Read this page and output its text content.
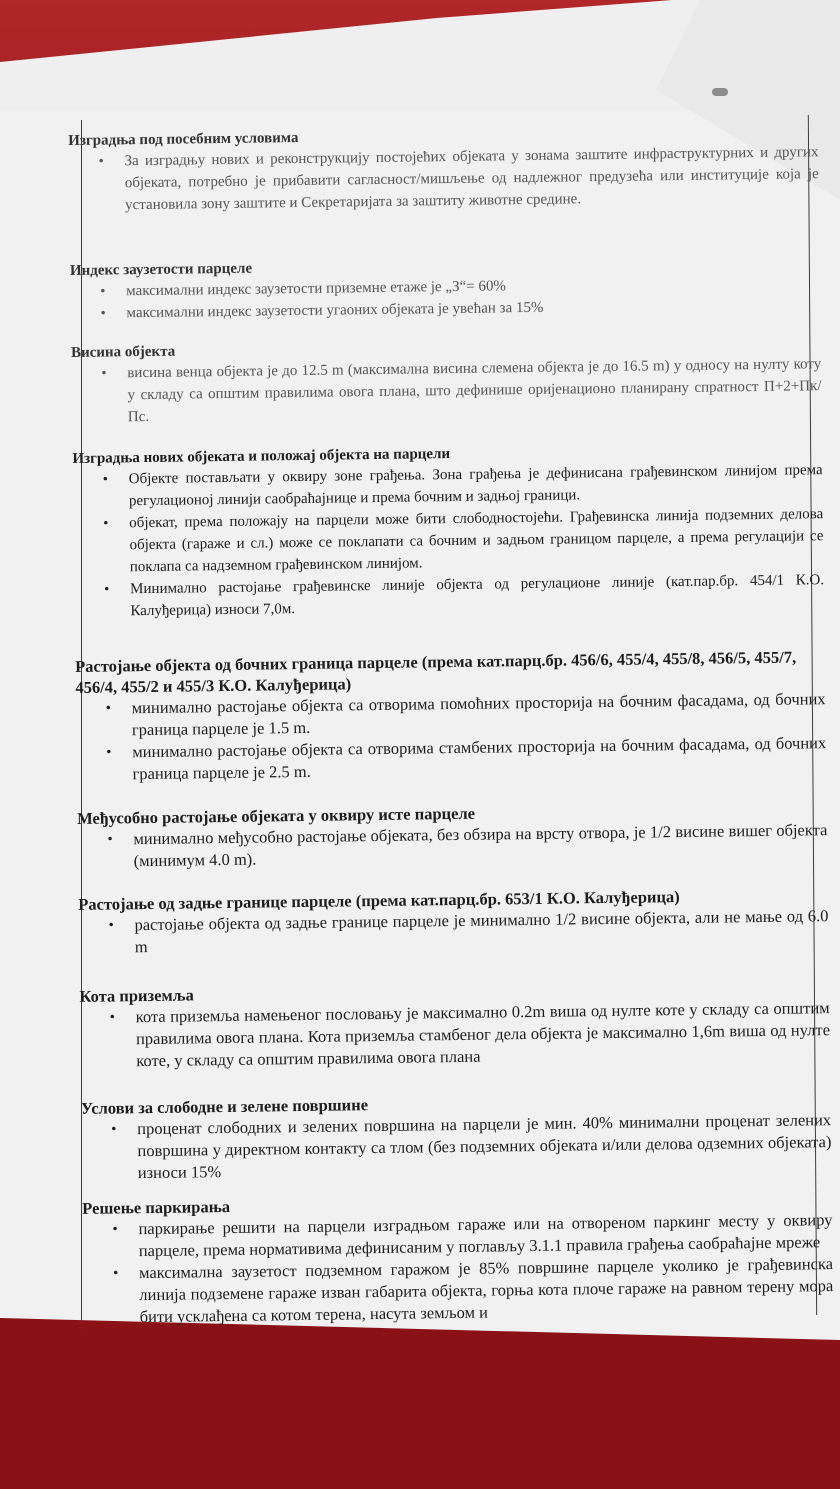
Изградња под посебним условима

• За изградњу нових и реконструкцију постојећих објеката у зонама заштите инфраструктурних и других објеката, потребно је прибавити сагласност/мишљење од надлежног предузећа или институције која је установила зону заштите и Секретаријата за заштиту животне средине.

Индекс заузетости парцеле

• максимални индекс заузетости приземне етаже је „З“= 60%
• максимални индекс заузетости угаоних објеката је увећан за 15%

Висина објекта

• висина венца објекта је до 12.5 m (максимална висина слемена објекта је до 16.5 m) у односу на нулту коту у складу са општим правилима овога плана, што дефинише оријенационо планирану спратност П+2+Пк/Пс.

Изградња нових објеката и положај објекта на парцели

• Објекте постављати у оквиру зоне грађења. Зона грађења је дефинисана грађевинском линијом према регулационој линији саобраћајнице и према бочним и задњој граници.
• објекат, према положају на парцели може бити слободностојећи. Грађевинска линија подземних делова објекта (гараже и сл.) може се поклапати са бочним и задњом границом парцеле, а према регулацији се поклапа са надземном грађевинском линијом.
• Минимално растојање грађевинске линије објекта од регулационе линије (кат.пар.бр. 454/1 К.О. Калуђерица) износи 7,0м.

Растојање објекта од бочних граница парцеле (према кат.парц.бр. 456/6, 455/4, 455/8, 456/5, 455/7, 456/4, 455/2 и 455/3 К.О. Калуђерица)

• минимално растојање објекта са отворима помоћних просторија на бочним фасадама, од бочних граница парцеле је 1.5 m.
• минимално растојање објекта са отворима стамбених просторија на бочним фасадама, од бочних граница парцеле је 2.5 m.

Међусобно растојање објеката у оквиру исте парцеле

• минимално међусобно растојање објеката, без обзира на врсту отвора, је 1/2 висине вишег објекта (минимум 4.0 m).

Растојање од задње границе парцеле (према кат.парц.бр. 653/1 К.О. Калуђерица)

• растојање објекта од задње границе парцеле је минимално 1/2 висине објекта, али не мање од 6.0 m

Кота приземља

• кота приземља намењеног пословању је максимално 0.2m виша од нулте коте у складу са општим правилима овога плана. Кота приземља стамбеног дела објекта је максимално 1,6m виша од нулте коте, у складу са општим правилима овога плана

Услови за слободне и зелене површине

• проценат слободних и зелених површина на парцели је мин. 40% минимални проценат зелених површина у директном контакту са тлом (без подземних објеката и/или делова одземних објеката) износи 15%

Решење паркирања

• паркирање решити на парцели изградњом гараже или на отвореном паркинг месту у оквиру парцеле, према нормативима дефинисаним у поглављу 3.1.1 правила грађења саобраћајне мреже
• максимална заузетост подземном гаражом је 85% површине парцеле уколико је грађевинска линија подземене гараже изван габарита објекта, горња кота плоче гараже на равном терену мора бити усклађена са котом терена, насута земљом и
